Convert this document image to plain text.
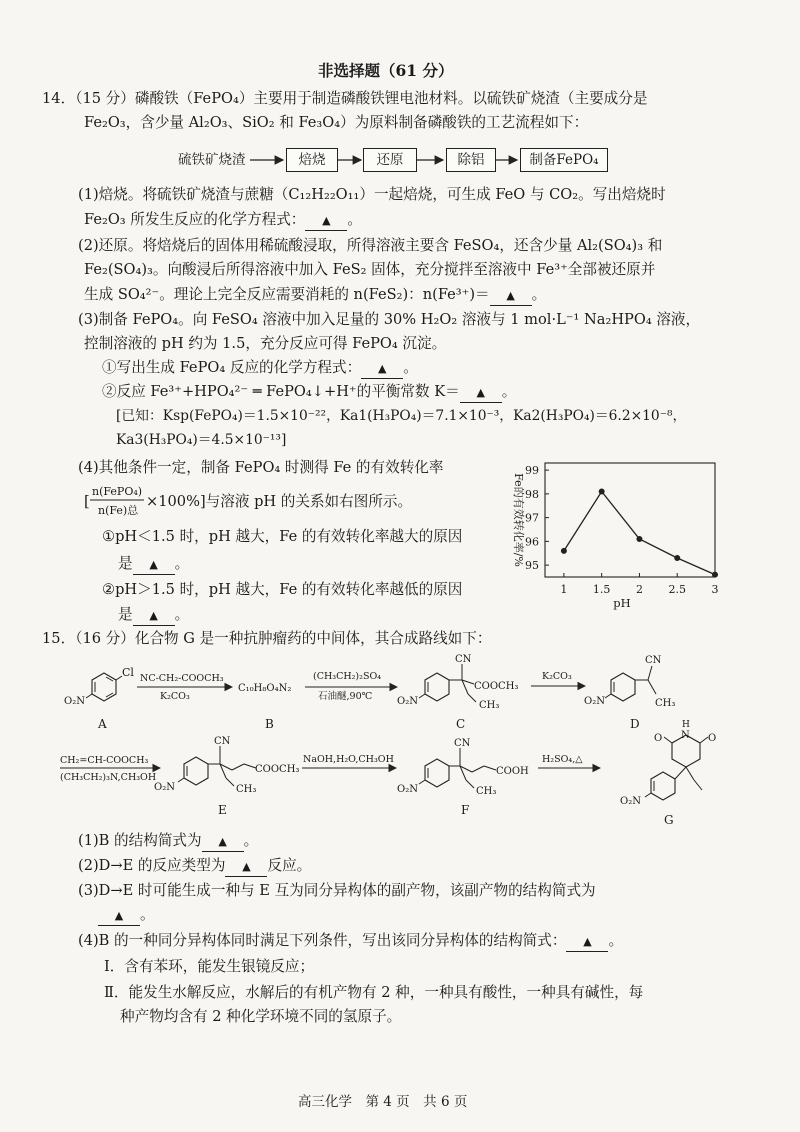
非选择题（61 分）
14．（15 分）磷酸铁（FePO₄）主要用于制造磷酸铁锂电池材料。以硫铁矿烧渣（主要成分是
Fe₂O₃，含少量 Al₂O₃、SiO₂ 和 Fe₃O₄）为原料制备磷酸铁的工艺流程如下：
硫铁矿烧渣	焙烧	还原	除铝	制备FePO₄
(1)焙烧。将硫铁矿烧渣与蔗糖（C₁₂H₂₂O₁₁）一起焙烧，可生成 FeO 与 CO₂。写出焙烧时
Fe₂O₃ 所发生反应的化学方程式： ▲ 。
(2)还原。将焙烧后的固体用稀硫酸浸取，所得溶液主要含 FeSO₄，还含少量 Al₂(SO₄)₃ 和
Fe₂(SO₄)₃。向酸浸后所得溶液中加入 FeS₂ 固体，充分搅拌至溶液中 Fe³⁺全部被还原并
生成 SO₄²⁻。理论上完全反应需要消耗的 n(FeS₂)：n(Fe³⁺)＝ ▲ 。
(3)制备 FePO₄。向 FeSO₄ 溶液中加入足量的 30% H₂O₂ 溶液与 1 mol·L⁻¹ Na₂HPO₄ 溶液，
控制溶液的 pH 约为 1.5，充分反应可得 FePO₄ 沉淀。
①写出生成 FePO₄ 反应的化学方程式： ▲ 。
②反应 Fe³⁺+HPO₄²⁻ ═ FePO₄↓+H⁺的平衡常数 K＝ ▲ 。
[已知：Ksp(FePO₄)＝1.5×10⁻²²，Ka1(H₃PO₄)＝7.1×10⁻³，Ka2(H₃PO₄)＝6.2×10⁻⁸，
Ka3(H₃PO₄)＝4.5×10⁻¹³]
(4)其他条件一定，制备 FePO₄ 时测得 Fe 的有效转化率
[
n(FePO₄)
n(Fe)总
×100%]与溶液 pH 的关系如右图所示。
①pH＜1.5 时，pH 越大，Fe 的有效转化率越大的原因
是 ▲ 。
②pH＞1.5 时，pH 越大，Fe 的有效转化率越低的原因
是 ▲ 。
1 1.5 2 2.5 3
95
96
97
98
99
pH
Fe的有效转化率/%
15．（16 分）化合物 G 是一种抗肿瘤药的中间体，其合成路线如下：
Cl
O₂N
A
NC-CH₂-COOCH₃
K₂CO₃
C₁₀H₈O₄N₂
B
(CH₃CH₂)₂SO₄
石油醚,90℃
CN
COOCH₃
CH₃
O₂N
C
K₂CO₃
CN
CH₃
O₂N
D
CH₂=CH-COOCH₃
(CH₃CH₂)₃N,CH₃OH
CN
COOCH₃
CH₃
O₂N
E
NaOH,H₂O,CH₃OH
CN
COOH
CH₃
O₂N
F
H₂SO₄,△
H
N
O	O
O₂N
G
(1)B 的结构简式为 ▲ 。
(2)D→E 的反应类型为 ▲ 反应。
(3)D→E 时可能生成一种与 E 互为同分异构体的副产物，该副产物的结构简式为
▲ 。
(4)B 的一种同分异构体同时满足下列条件，写出该同分异构体的结构简式： ▲ 。
Ⅰ．含有苯环，能发生银镜反应；
Ⅱ．能发生水解反应，水解后的有机产物有 2 种，一种具有酸性，一种具有碱性，每
种产物均含有 2 种化学环境不同的氢原子。
高三化学　第 4 页　共 6 页
